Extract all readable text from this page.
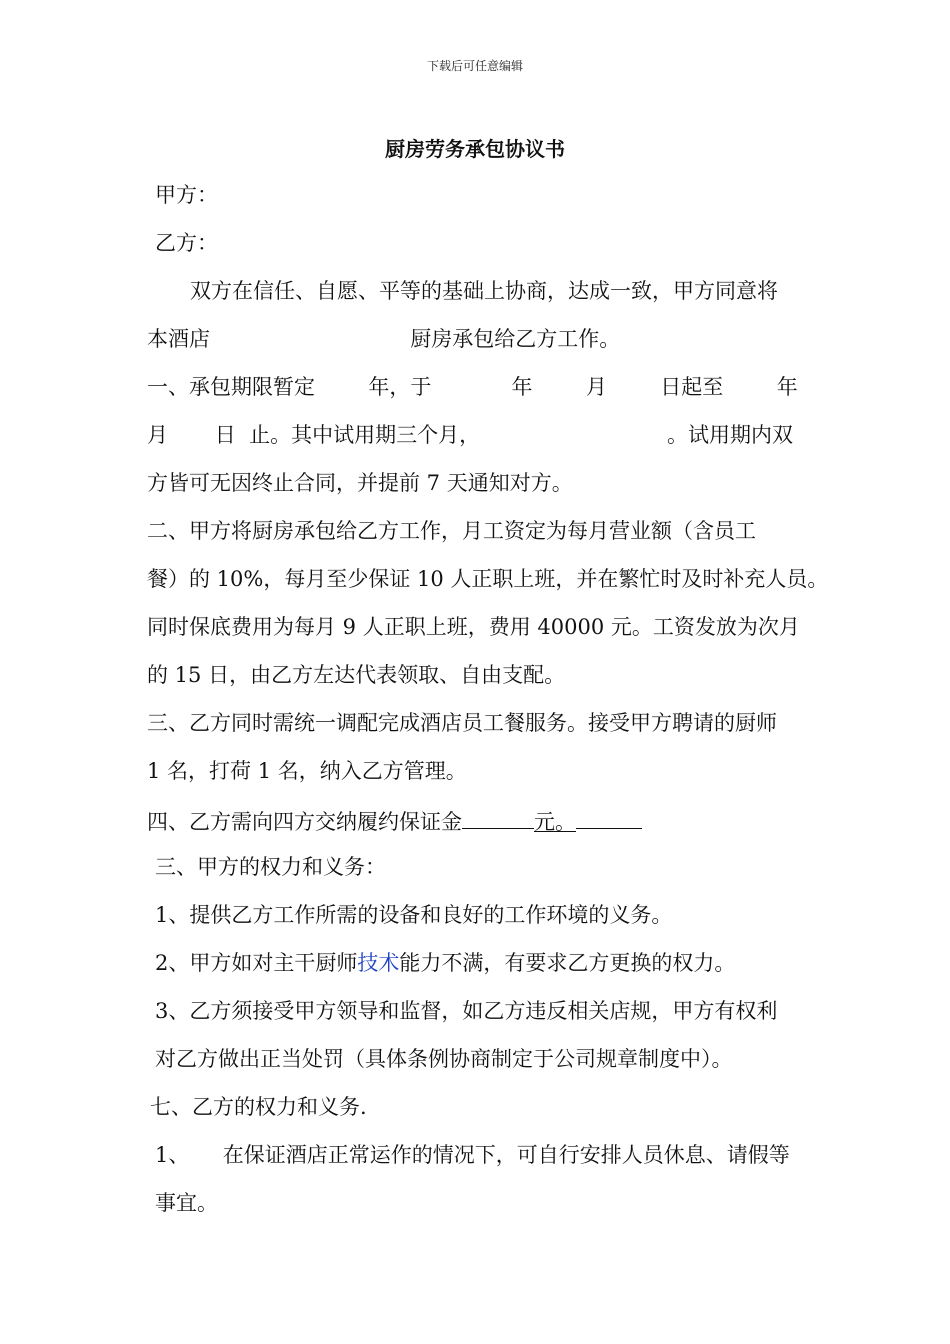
下载后可任意编辑
厨房劳务承包协议书
甲方：
乙方：
双方在信任、自愿、平等的基础上协商，达成一致，甲方同意将
本酒店                              厨房承包给乙方工作。
一、承包期限暂定        年，于            年        月        日起至        年
月       日  止。其中试用期三个月，                            。试用期内双
方皆可无因终止合同，并提前 7 天通知对方。
二、甲方将厨房承包给乙方工作，月工资定为每月营业额（含员工
餐）的 10%，每月至少保证 10 人正职上班，并在繁忙时及时补充人员。
同时保底费用为每月 9 人正职上班，费用 40000 元。工资发放为次月
的 15 日，由乙方左达代表领取、自由支配。
三、乙方同时需统一调配完成酒店员工餐服务。接受甲方聘请的厨师
1 名，打荷 1 名，纳入乙方管理。
四、乙方需向四方交纳履约保证金	元。
三、甲方的权力和义务：
1、提供乙方工作所需的设备和良好的工作环境的义务。
2、甲方如对主干厨师技术能力不满，有要求乙方更换的权力。
3、乙方须接受甲方领导和监督，如乙方违反相关店规，甲方有权利
对乙方做出正当处罚（具体条例协商制定于公司规章制度中）。
七、乙方的权力和义务.
1、     在保证酒店正常运作的情况下，可自行安排人员休息、请假等
事宜。
